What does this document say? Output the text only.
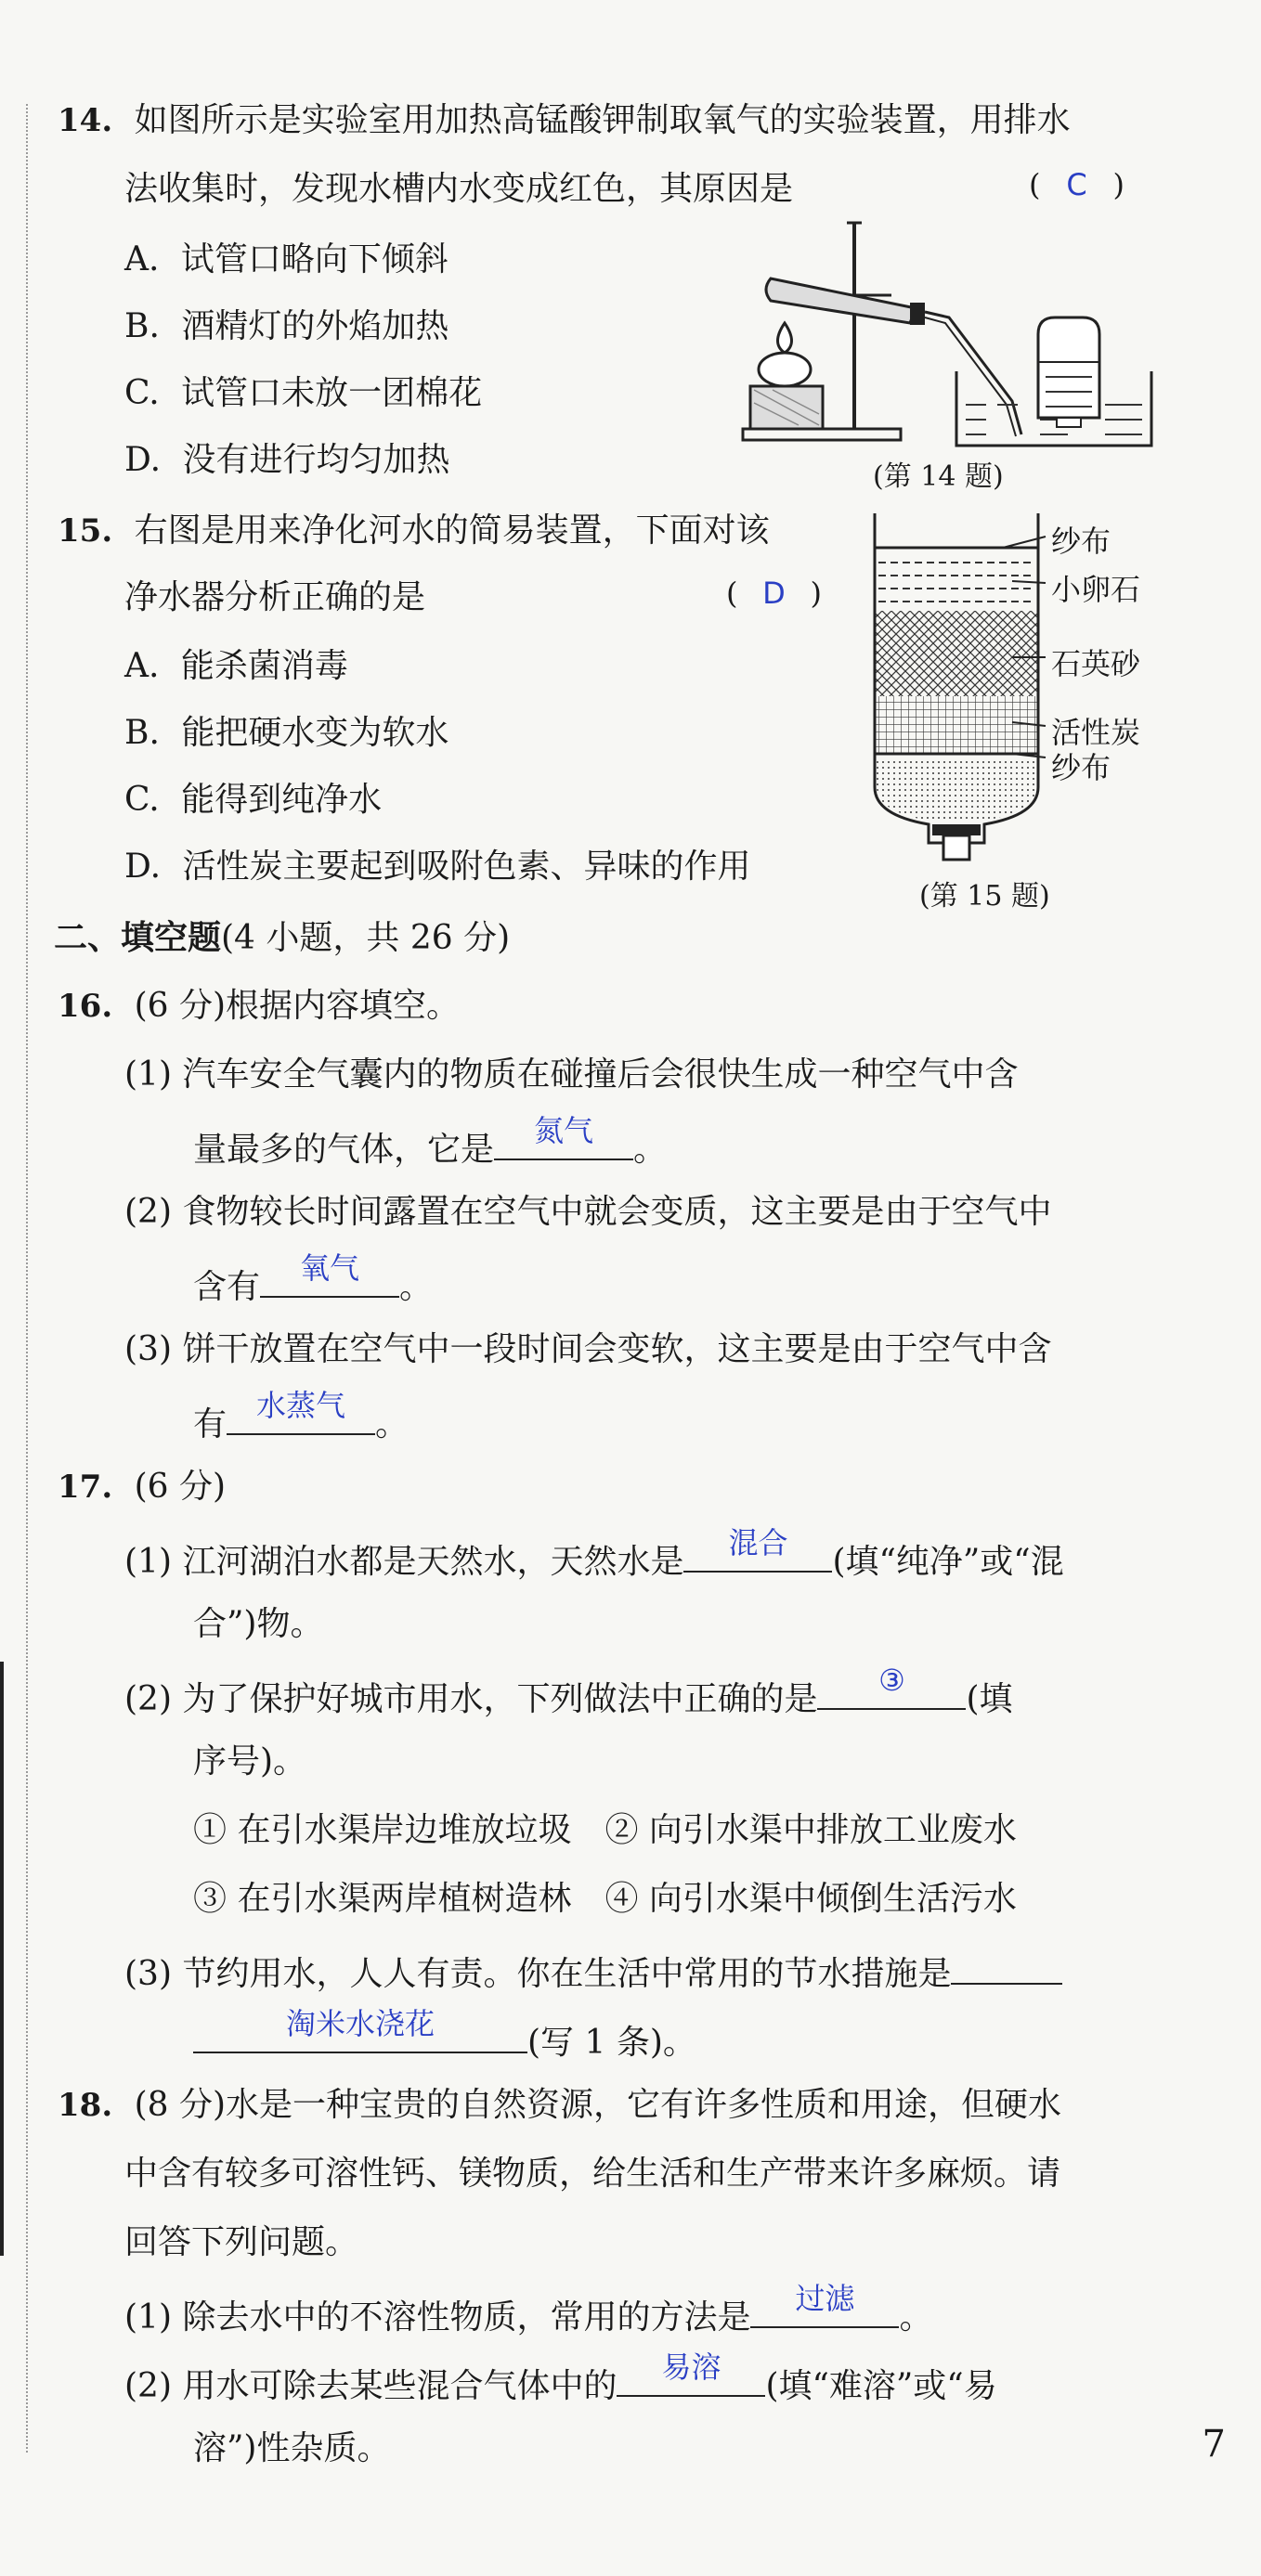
14. 如图所示是实验室用加热高锰酸钾制取氧气的实验装置，用排水
法收集时，发现水槽内水变成红色，其原因是	( C )
A. 试管口略向下倾斜
B. 酒精灯的外焰加热
C. 试管口未放一团棉花
D. 没有进行均匀加热	(第 14 题)
15. 右图是用来净化河水的简易装置，下面对该
净水器分析正确的是	( D )
A. 能杀菌消毒
B. 能把硬水变为软水
C. 能得到纯净水
D. 活性炭主要起到吸附色素、异味的作用
纱布
小卵石
石英砂
活性炭
纱布
(第 15 题)
二、填空题(4 小题，共 26 分)
16. (6 分)根据内容填空。
(1) 汽车安全气囊内的物质在碰撞后会很快生成一种空气中含
量最多的气体，它是	氮气	。
(2) 食物较长时间露置在空气中就会变质，这主要是由于空气中
含有	氧气	。
(3) 饼干放置在空气中一段时间会变软，这主要是由于空气中含
有 水蒸气 。
17. (6 分)
(1) 江河湖泊水都是天然水，天然水是	混合	(填“纯净”或“混
合”)物。
(2) 为了保护好城市用水，下列做法中正确的是	③	(填
序号)。
① 在引水渠岸边堆放垃圾 ② 向引水渠中排放工业废水
③ 在引水渠两岸植树造林 ④ 向引水渠中倾倒生活污水
(3) 节约用水，人人有责。你在生活中常用的节水措施是
淘米水浇花	(写 1 条)。
18. (8 分)水是一种宝贵的自然资源，它有许多性质和用途，但硬水
中含有较多可溶性钙、镁物质，给生活和生产带来许多麻烦。请
回答下列问题。
(1) 除去水中的不溶性物质，常用的方法是	过滤	。
(2) 用水可除去某些混合气体中的	易溶	(填“难溶”或“易
溶”)性杂质。	7
